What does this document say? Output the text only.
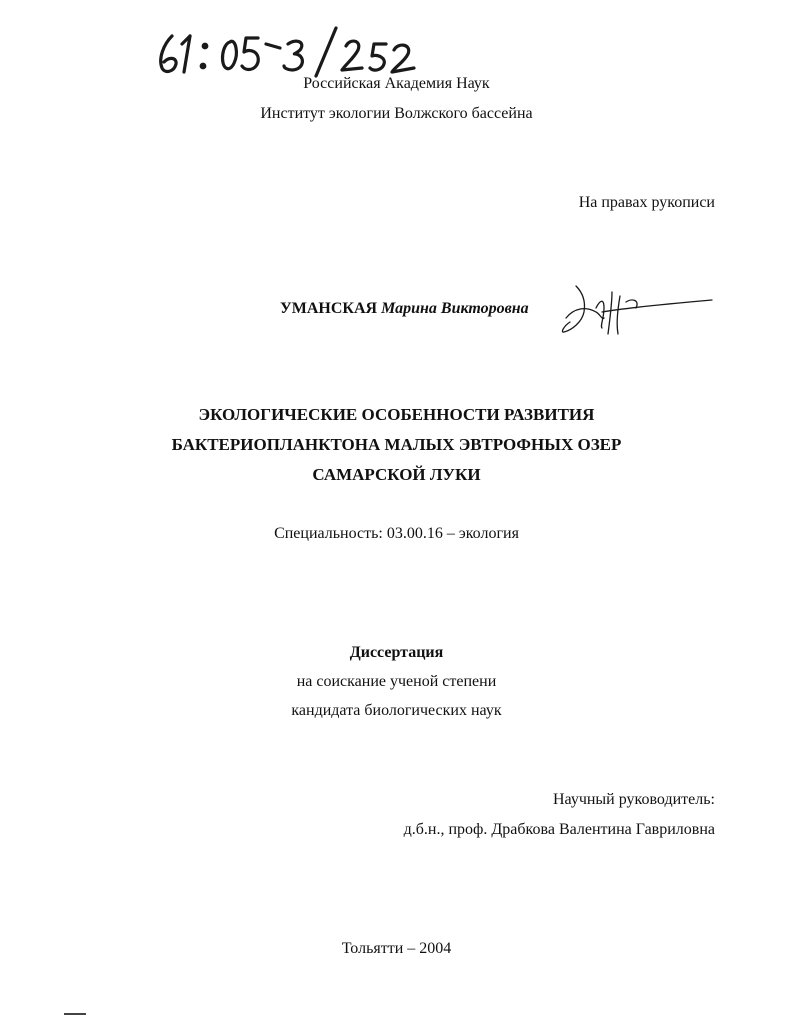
Российская Академия Наук
Институт экологии Волжского бассейна
На правах рукописи
УМАНСКАЯ Марина Викторовна
ЭКОЛОГИЧЕСКИЕ ОСОБЕННОСТИ РАЗВИТИЯ
БАКТЕРИОПЛАНКТОНА МАЛЫХ ЭВТРОФНЫХ ОЗЕР
САМАРСКОЙ ЛУКИ
Специальность: 03.00.16 – экология
Диссертация
на соискание ученой степени
кандидата биологических наук
Научный руководитель:
д.б.н., проф. Драбкова Валентина Гавриловна
Тольятти – 2004
